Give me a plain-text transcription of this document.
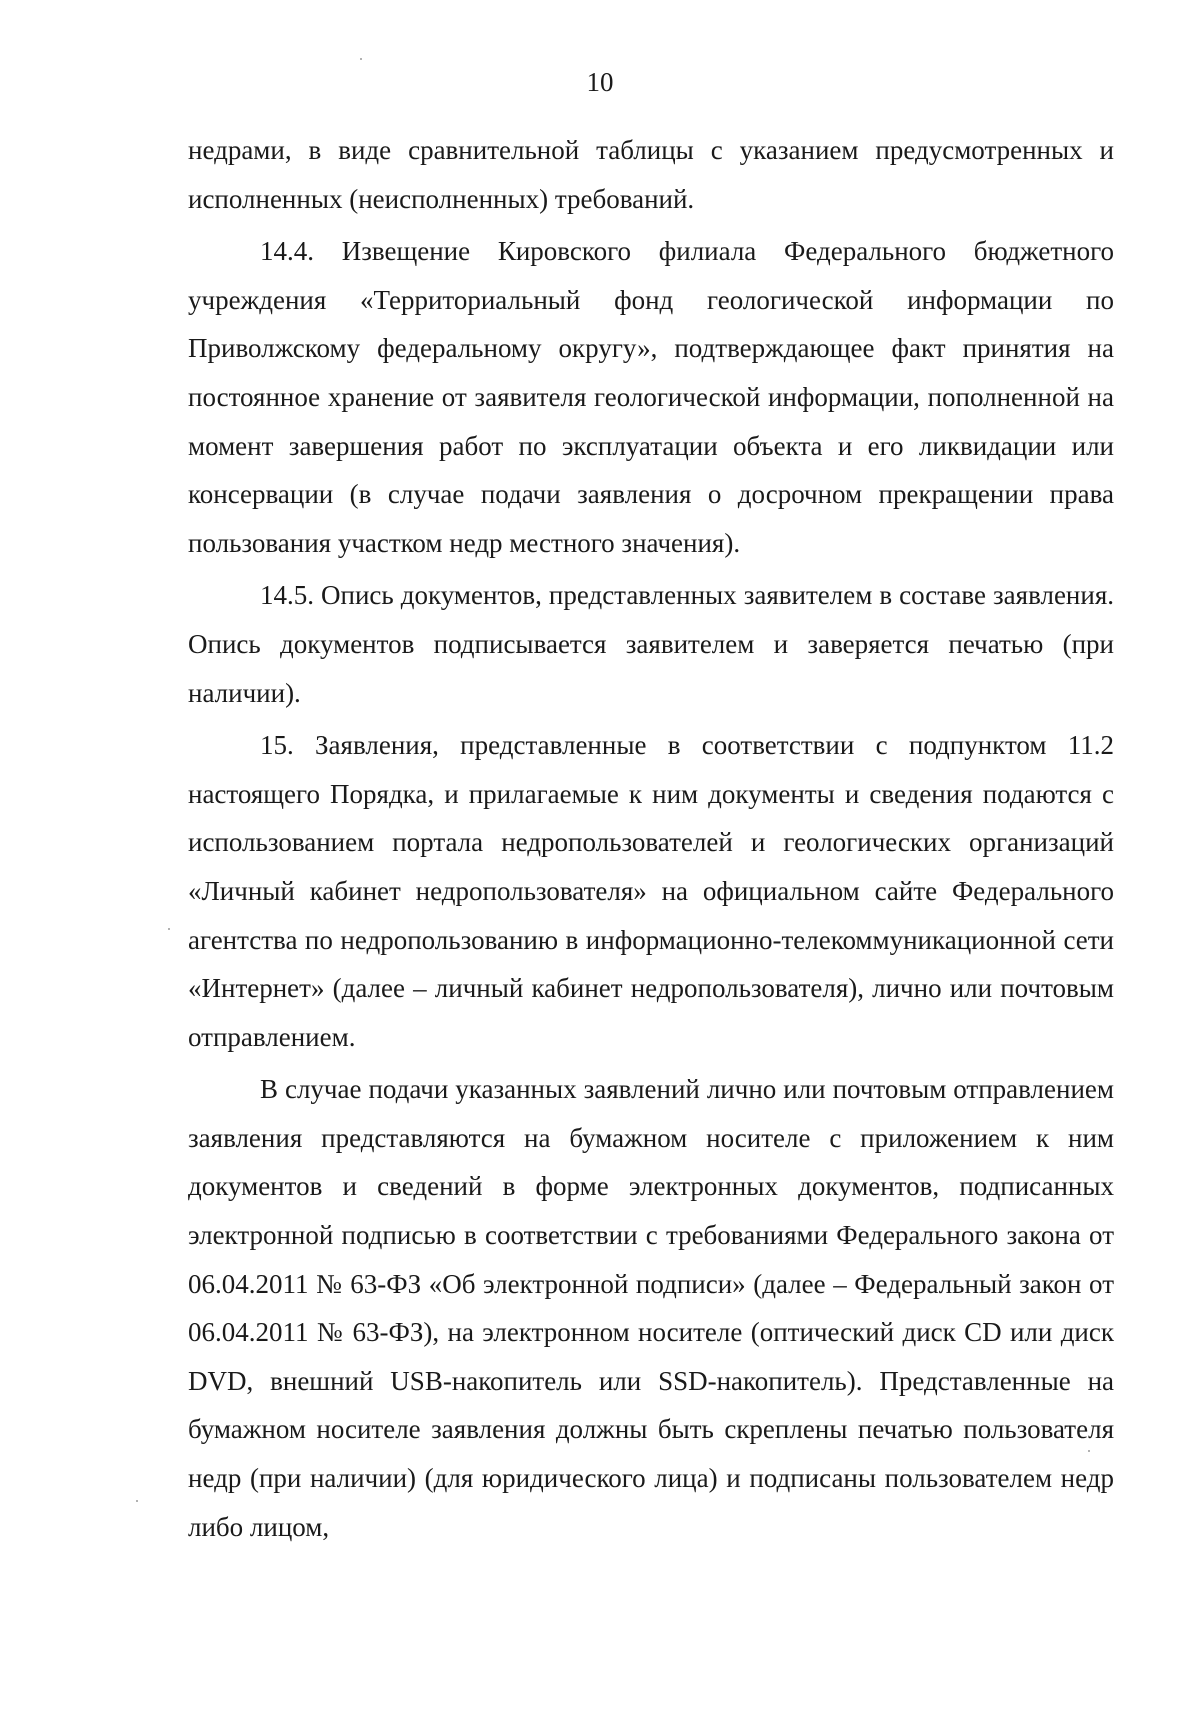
10

недрами, в виде сравнительной таблицы с указанием предусмотренных и исполненных (неисполненных) требований.

14.4. Извещение Кировского филиала Федерального бюджетного учреждения «Территориальный фонд геологической информации по Приволжскому федеральному округу», подтверждающее факт принятия на постоянное хранение от заявителя геологической информации, пополненной на момент завершения работ по эксплуатации объекта и его ликвидации или консервации (в случае подачи заявления о досрочном прекращении права пользования участком недр местного значения).

14.5. Опись документов, представленных заявителем в составе заявления. Опись документов подписывается заявителем и заверяется печатью (при наличии).

15. Заявления, представленные в соответствии с подпунктом 11.2 настоящего Порядка, и прилагаемые к ним документы и сведения подаются с использованием портала недропользователей и геологических организаций «Личный кабинет недропользователя» на официальном сайте Федерального агентства по недропользованию в информационно-телекоммуникационной сети «Интернет» (далее – личный кабинет недропользователя), лично или почтовым отправлением.

В случае подачи указанных заявлений лично или почтовым отправлением заявления представляются на бумажном носителе с приложением к ним документов и сведений в форме электронных документов, подписанных электронной подписью в соответствии с требованиями Федерального закона от 06.04.2011 № 63-ФЗ «Об электронной подписи» (далее – Федеральный закон от 06.04.2011 № 63-ФЗ), на электронном носителе (оптический диск CD или диск DVD, внешний USB-накопитель или SSD-накопитель). Представленные на бумажном носителе заявления должны быть скреплены печатью пользователя недр (при наличии) (для юридического лица) и подписаны пользователем недр либо лицом,
